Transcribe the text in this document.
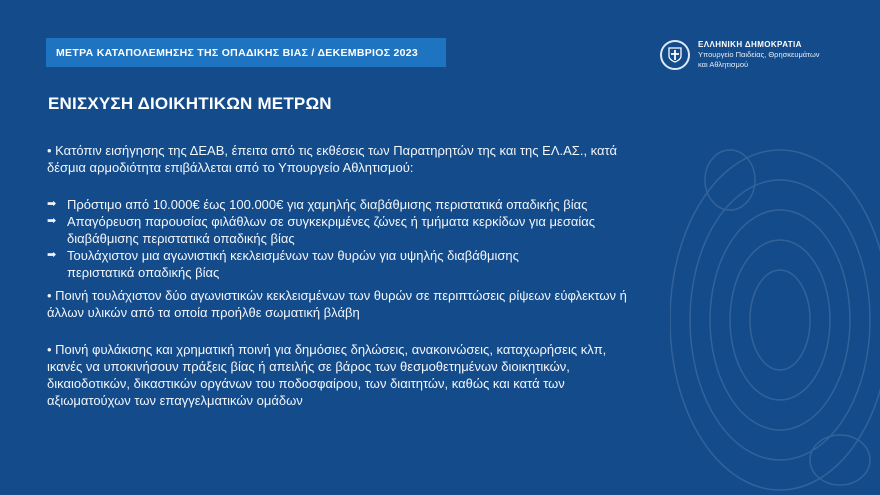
ΜΕΤΡΑ ΚΑΤΑΠΟΛΕΜΗΣΗΣ ΤΗΣ ΟΠΑΔΙΚΗΣ ΒΙΑΣ / ΔΕΚΕΜΒΡΙΟΣ 2023
ΕΛΛΗΝΙΚΗ ΔΗΜΟΚΡΑΤΙΑ
Υπουργείο Παιδείας, Θρησκευμάτων
και Αθλητισμού
ΕΝΙΣΧΥΣΗ ΔΙΟΙΚΗΤΙΚΩΝ ΜΕΤΡΩΝ
• Κατόπιν εισήγησης της ΔΕΑΒ, έπειτα από τις εκθέσεις των Παρατηρητών της και της ΕΛ.ΑΣ., κατά δέσμια αρμοδιότητα επιβάλλεται από το Υπουργείο Αθλητισμού:
➡ Πρόστιμο από 10.000€ έως 100.000€ για χαμηλής διαβάθμισης περιστατικά οπαδικής βίας
➡ Απαγόρευση παρουσίας φιλάθλων σε συγκεκριμένες ζώνες ή τμήματα κερκίδων για μεσαίας διαβάθμισης περιστατικά οπαδικής βίας
➡ Τουλάχιστον μια αγωνιστική κεκλεισμένων των θυρών για υψηλής διαβάθμισης περιστατικά οπαδικής βίας
• Ποινή τουλάχιστον δύο αγωνιστικών κεκλεισμένων των θυρών σε περιπτώσεις ρίψεων εύφλεκτων ή άλλων υλικών από τα οποία προήλθε σωματική βλάβη
• Ποινή φυλάκισης και χρηματική ποινή για δημόσιες δηλώσεις, ανακοινώσεις, καταχωρήσεις κλπ, ικανές να υποκινήσουν πράξεις βίας ή απειλής σε βάρος των θεσμοθετημένων διοικητικών, δικαιοδοτικών, δικαστικών οργάνων του ποδοσφαίρου, των διαιτητών, καθώς και κατά των αξιωματούχων των επαγγελματικών ομάδων
